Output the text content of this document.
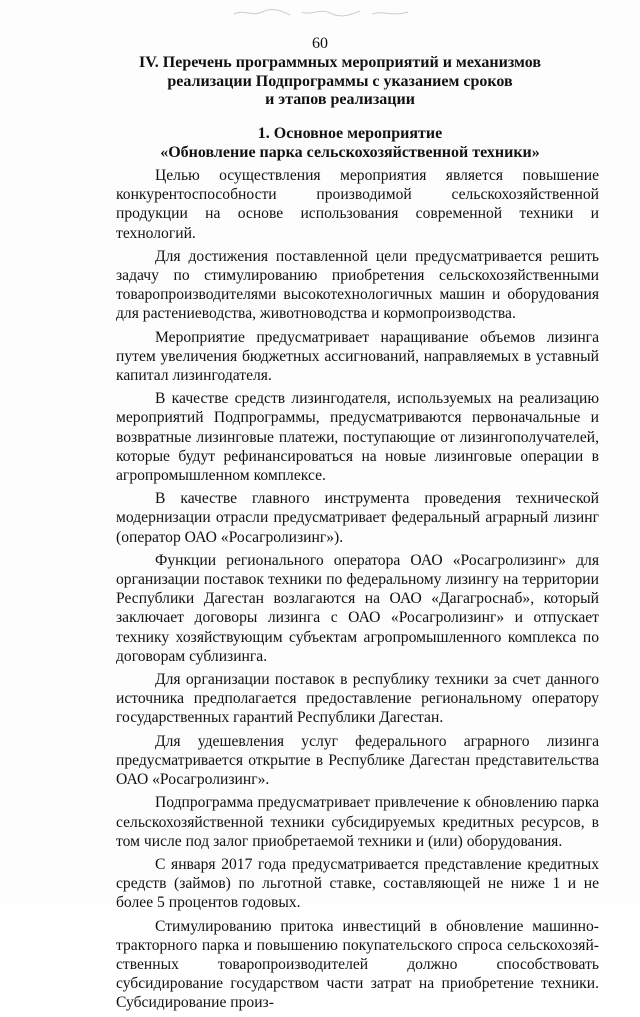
60
IV. Перечень программных мероприятий и механизмов
реализации Подпрограммы с указанием сроков
и этапов реализации
1. Основное мероприятие
«Обновление парка сельскохозяйственной техники»

Целью осуществления мероприятия является повышение конкурентоспособности производимой сельскохозяйственной продукции на основе использования современной техники и технологий.

Для достижения поставленной цели предусматривается решить задачу по стимулированию приобретения сельскохозяйственными товаропроизводителями высокотехнологичных машин и оборудования для растениеводства, животноводства и кормопроизводства.

Мероприятие предусматривает наращивание объемов лизинга путем увеличения бюджетных ассигнований, направляемых в уставный капитал лизингодателя.

В качестве средств лизингодателя, используемых на реализацию мероприятий Подпрограммы, предусматриваются первоначальные и возвратные лизинговые платежи, поступающие от лизингополучателей, которые будут рефинансироваться на новые лизинговые операции в агропромышленном комплексе.

В качестве главного инструмента проведения технической модернизации отрасли предусматривает федеральный аграрный лизинг (оператор ОАО «Росагролизинг»).

Функции регионального оператора ОАО «Росагролизинг» для организации поставок техники по федеральному лизингу на территории Республики Дагестан возлагаются на ОАО «Дагагроснаб», который заключает договоры лизинга с ОАО «Росагролизинг» и отпускает технику хозяйствующим субъектам агропромышленного комплекса по договорам сублизинга.

Для организации поставок в республику техники за счет данного источника предполагается предоставление региональному оператору государственных гарантий Республики Дагестан.

Для удешевления услуг федерального аграрного лизинга предусматривается открытие в Республике Дагестан представительства ОАО «Росагролизинг».

Подпрограмма предусматривает привлечение к обновлению парка сельскохозяйственной техники субсидируемых кредитных ресурсов, в том числе под залог приобретаемой техники и (или) оборудования.

С января 2017 года предусматривается представление кредитных средств (займов) по льготной ставке, составляющей не ниже 1 и не более 5 процентов годовых.

Стимулированию притока инвестиций в обновление машинно-тракторного парка и повышению покупательского спроса сельскохозяйственных товаропроизводителей должно способствовать субсидирование государством части затрат на приобретение техники. Субсидирование произ-
